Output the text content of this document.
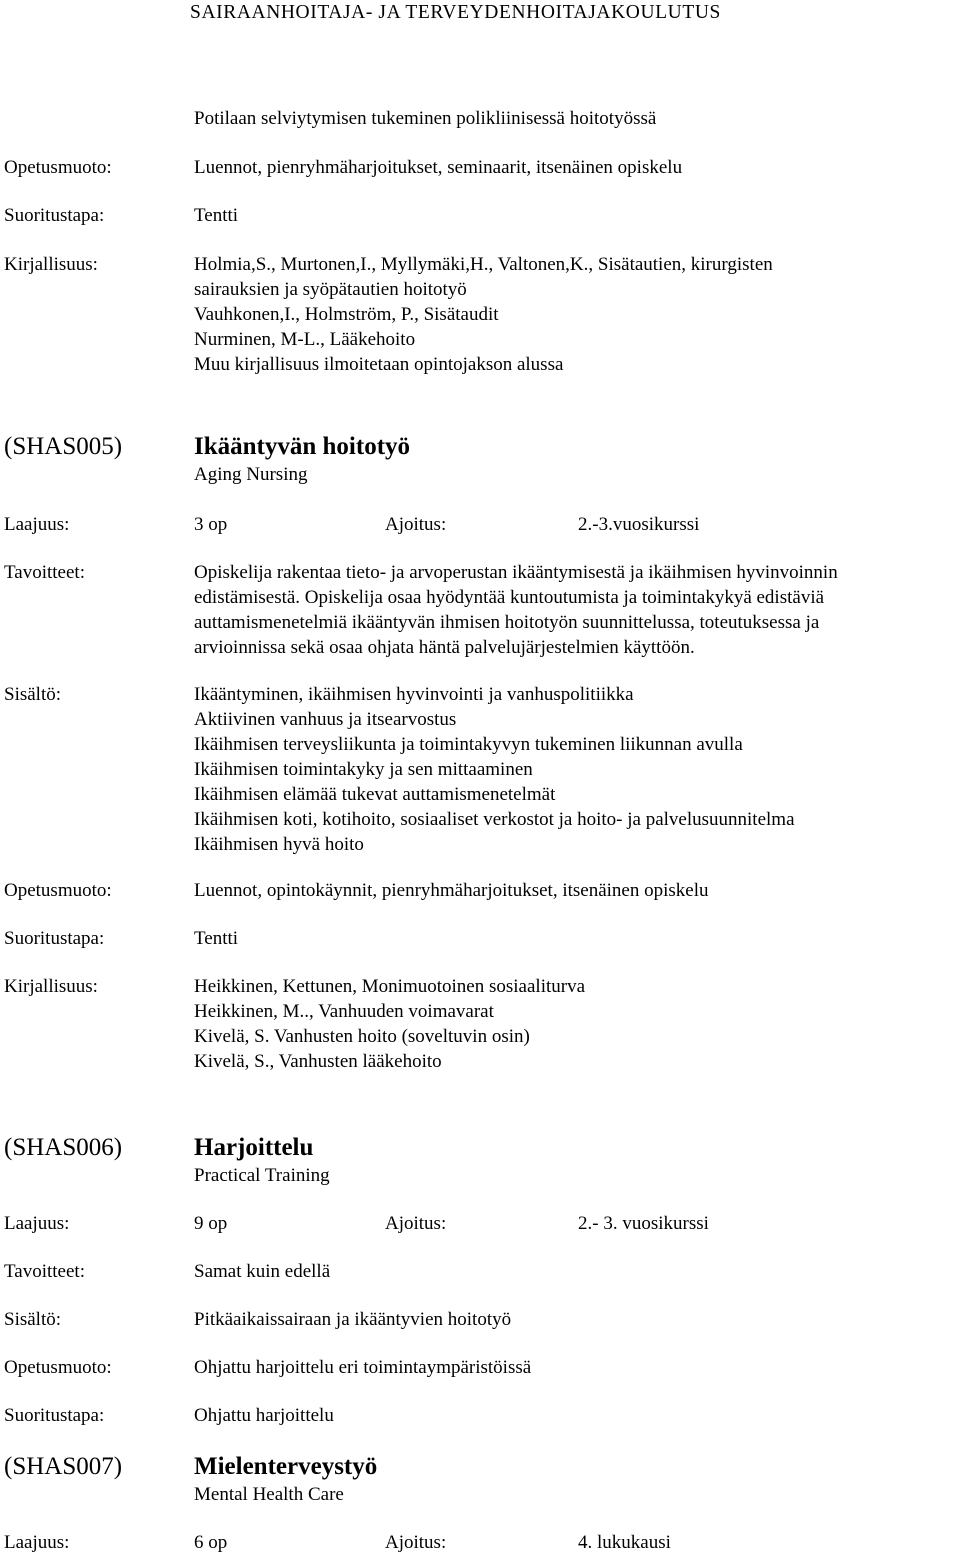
SAIRAANHOITAJA- JA TERVEYDENHOITAJAKOULUTUS
Potilaan selviytymisen tukeminen polikliinisessä hoitotyössä
Opetusmuoto:	Luennot, pienryhmäharjoitukset, seminaarit, itsenäinen opiskelu
Suoritustapa:	Tentti
Kirjallisuus:	Holmia,S., Murtonen,I., Myllymäki,H., Valtonen,K., Sisätautien, kirurgisten
sairauksien ja syöpätautien hoitotyö
Vauhkonen,I., Holmström, P., Sisätaudit
Nurminen, M-L., Lääkehoito
Muu kirjallisuus ilmoitetaan opintojakson alussa
(SHAS005)	Ikääntyvän hoitotyö
Aging Nursing
Laajuus:	3 op	Ajoitus:	2.-3.vuosikurssi
Tavoitteet:	Opiskelija rakentaa tieto- ja arvoperustan ikääntymisestä ja ikäihmisen hyvinvoinnin
edistämisestä. Opiskelija osaa hyödyntää kuntoutumista ja toimintakykyä edistäviä
auttamismenetelmiä ikääntyvän ihmisen hoitotyön suunnittelussa, toteutuksessa ja
arvioinnissa sekä osaa ohjata häntä palvelujärjestelmien käyttöön.
Sisältö:	Ikääntyminen, ikäihmisen hyvinvointi ja vanhuspolitiikka
Aktiivinen vanhuus ja itsearvostus
Ikäihmisen terveysliikunta ja toimintakyvyn tukeminen liikunnan avulla
Ikäihmisen toimintakyky ja sen mittaaminen
Ikäihmisen elämää tukevat auttamismenetelmät
Ikäihmisen koti, kotihoito, sosiaaliset verkostot ja hoito- ja palvelusuunnitelma
Ikäihmisen hyvä hoito
Opetusmuoto:	Luennot, opintokäynnit, pienryhmäharjoitukset, itsenäinen opiskelu
Suoritustapa:	Tentti
Kirjallisuus:	Heikkinen, Kettunen, Monimuotoinen sosiaaliturva
Heikkinen, M.., Vanhuuden voimavarat
Kivelä, S. Vanhusten hoito (soveltuvin osin)
Kivelä, S., Vanhusten lääkehoito
(SHAS006)	Harjoittelu
Practical Training
Laajuus:	9 op	Ajoitus:	2.- 3. vuosikurssi
Tavoitteet:	Samat kuin edellä
Sisältö:	Pitkäaikaissairaan ja ikääntyvien hoitotyö
Opetusmuoto:	Ohjattu harjoittelu eri toimintaympäristöissä
Suoritustapa:	Ohjattu harjoittelu
(SHAS007)	Mielenterveystyö
Mental Health Care
Laajuus:	6 op	Ajoitus:	4. lukukausi
